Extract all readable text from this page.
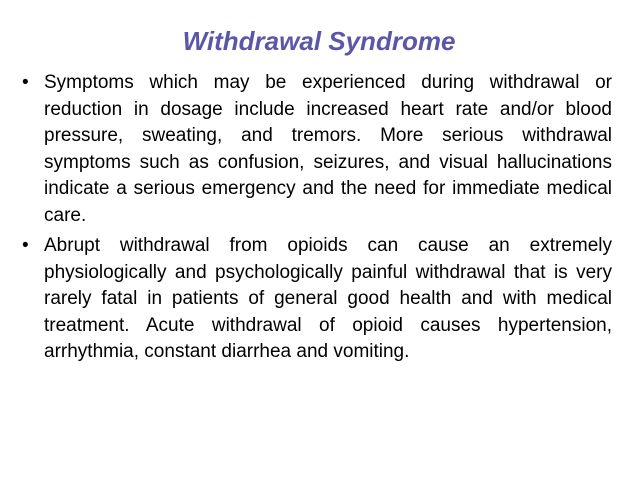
Withdrawal Syndrome
• Symptoms which may be experienced during withdrawal or reduction in dosage include increased heart rate and/or blood pressure, sweating, and tremors. More serious withdrawal symptoms such as confusion, seizures, and visual hallucinations indicate a serious emergency and the need for immediate medical care.
• Abrupt withdrawal from opioids can cause an extremely physiologically and psychologically painful withdrawal that is very rarely fatal in patients of general good health and with medical treatment. Acute withdrawal of opioid causes hypertension, arrhythmia, constant diarrhea and vomiting.
